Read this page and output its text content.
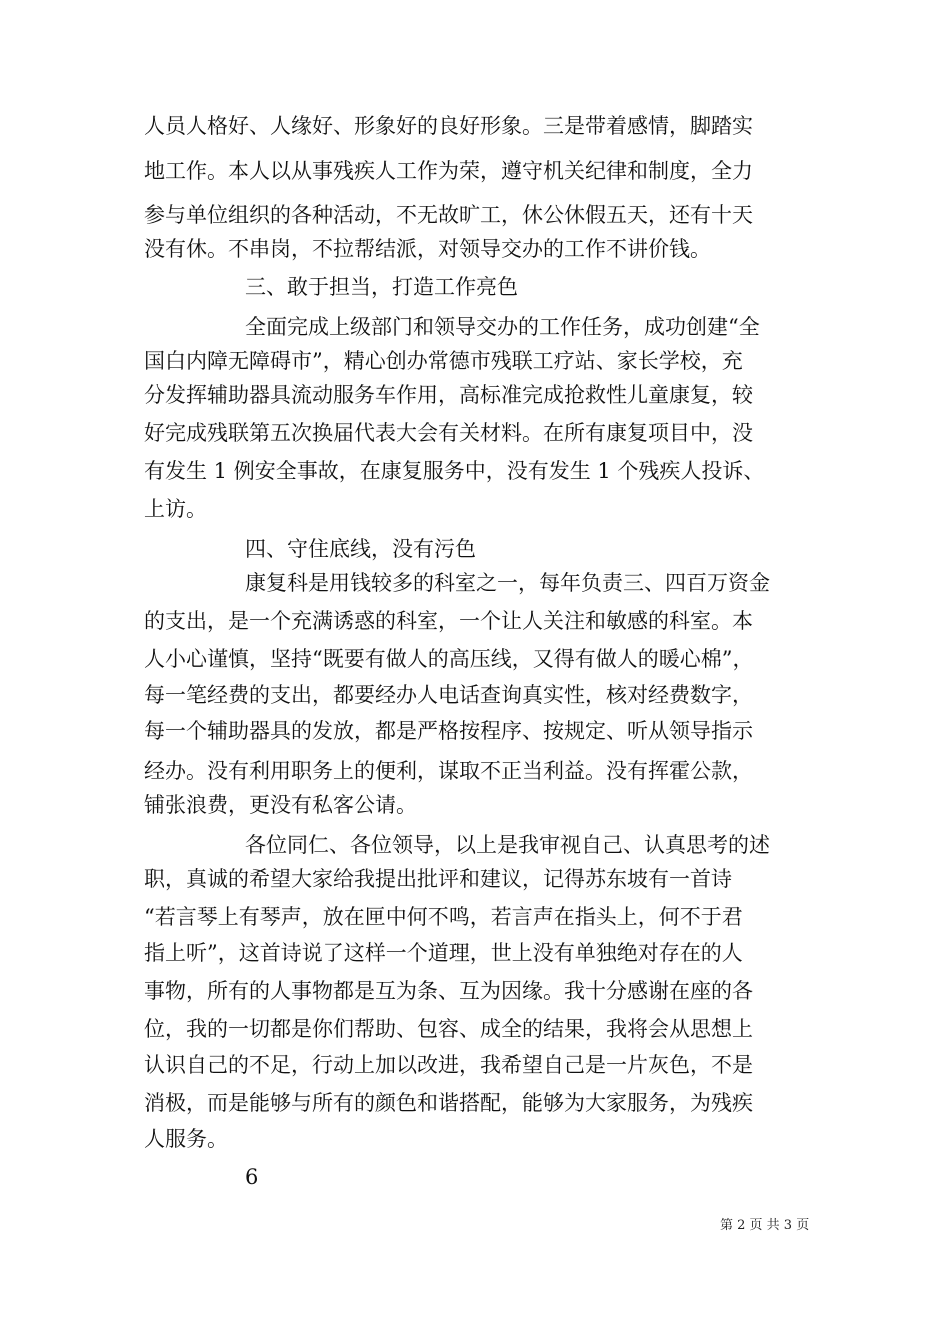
人员人格好、人缘好、形象好的良好形象。三是带着感情，脚踏实
地工作。本人以从事残疾人工作为荣，遵守机关纪律和制度，全力
参与单位组织的各种活动，不无故旷工，休公休假五天，还有十天
没有休。不串岗，不拉帮结派，对领导交办的工作不讲价钱。
三、敢于担当，打造工作亮色
全面完成上级部门和领导交办的工作任务，成功创建“全
国白内障无障碍市”，精心创办常德市残联工疗站、家长学校，充
分发挥辅助器具流动服务车作用，高标准完成抢救性儿童康复，较
好完成残联第五次换届代表大会有关材料。在所有康复项目中，没
有发生 1 例安全事故，在康复服务中，没有发生 1 个残疾人投诉、
上访。
四、守住底线，没有污色
康复科是用钱较多的科室之一，每年负责三、四百万资金
的支出，是一个充满诱惑的科室，一个让人关注和敏感的科室。本
人小心谨慎，坚持“既要有做人的高压线，又得有做人的暖心棉”，
每一笔经费的支出，都要经办人电话查询真实性，核对经费数字，
每一个辅助器具的发放，都是严格按程序、按规定、听从领导指示
经办。没有利用职务上的便利，谋取不正当利益。没有挥霍公款，
铺张浪费，更没有私客公请。
各位同仁、各位领导，以上是我审视自己、认真思考的述
职，真诚的希望大家给我提出批评和建议，记得苏东坡有一首诗
“若言琴上有琴声，放在匣中何不鸣，若言声在指头上，何不于君
指上听”，这首诗说了这样一个道理，世上没有单独绝对存在的人
事物，所有的人事物都是互为条、互为因缘。我十分感谢在座的各
位，我的一切都是你们帮助、包容、成全的结果，我将会从思想上
认识自己的不足，行动上加以改进，我希望自己是一片灰色，不是
消极，而是能够与所有的颜色和谐搭配，能够为大家服务，为残疾
人服务。
6
第 2 页 共 3 页
